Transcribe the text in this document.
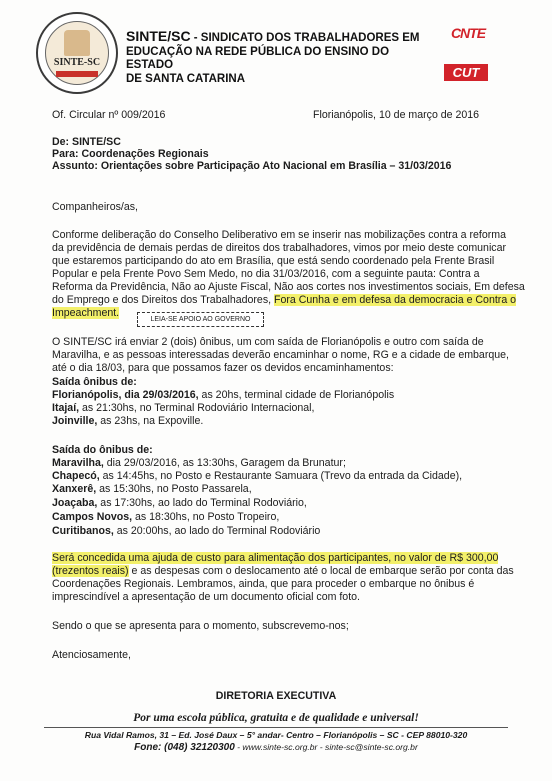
SINTE-SC
SINTE/SC - SINDICATO DOS TRABALHADORES EM
EDUCAÇÃO NA REDE PÚBLICA DO ENSINO DO ESTADO
DE SANTA CATARINA
CNTE
CUT
Of. Circular nº 009/2016	Florianópolis, 10 de março de 2016
De: SINTE/SC
Para: Coordenações Regionais
Assunto: Orientações sobre Participação Ato Nacional em Brasília – 31/03/2016
Companheiros/as,
Conforme deliberação do Conselho Deliberativo em se inserir nas mobilizações contra a reforma
da previdência de demais perdas de direitos dos trabalhadores, vimos por meio deste comunicar
que estaremos participando do ato em Brasília, que está sendo coordenado pela Frente Brasil
Popular e pela Frente Povo Sem Medo, no dia 31/03/2016, com a seguinte pauta: Contra a
Reforma da Previdência, Não ao Ajuste Fiscal, Não aos cortes nos investimentos sociais, Em defesa
do Emprego e dos Direitos dos Trabalhadores, Fora Cunha e em defesa da democracia e Contra o
Impeachment.
LEIA-SE APOIO AO GOVERNO
O SINTE/SC irá enviar 2 (dois) ônibus, um com saída de Florianópolis e outro com saída de
Maravilha, e as pessoas interessadas deverão encaminhar o nome, RG e a cidade de embarque,
até o dia 18/03, para que possamos fazer os devidos encaminhamentos:
Saída ônibus de:
Florianópolis, dia 29/03/2016, as 20hs, terminal cidade de Florianópolis
Itajaí, as 21:30hs, no Terminal Rodoviário Internacional,
Joinville, as 23hs, na Expoville.
Saída do ônibus de:
Maravilha, dia 29/03/2016, as 13:30hs, Garagem da Brunatur;
Chapecó, as 14:45hs, no Posto e Restaurante Samuara (Trevo da entrada da Cidade),
Xanxerê, as 15:30hs, no Posto Passarela,
Joaçaba, as 17:30hs, ao lado do Terminal Rodoviário,
Campos Novos, as 18:30hs, no Posto Tropeiro,
Curitibanos, as 20:00hs, ao lado do Terminal Rodoviário
Será concedida uma ajuda de custo para alimentação dos participantes, no valor de R$ 300,00
(trezentos reais) e as despesas com o deslocamento até o local de embarque serão por conta das
Coordenações Regionais. Lembramos, ainda, que para proceder o embarque no ônibus é
imprescindível a apresentação de um documento oficial com foto.
Sendo o que se apresenta para o momento, subscrevemo-nos;
Atenciosamente,
DIRETORIA EXECUTIVA
Por uma escola pública, gratuita e de qualidade e universal!
Rua Vidal Ramos, 31 – Ed. José Daux – 5° andar- Centro – Florianópolis – SC - CEP 88010-320
Fone: (048) 32120300 - www.sinte-sc.org.br - sinte-sc@sinte-sc.org.br
